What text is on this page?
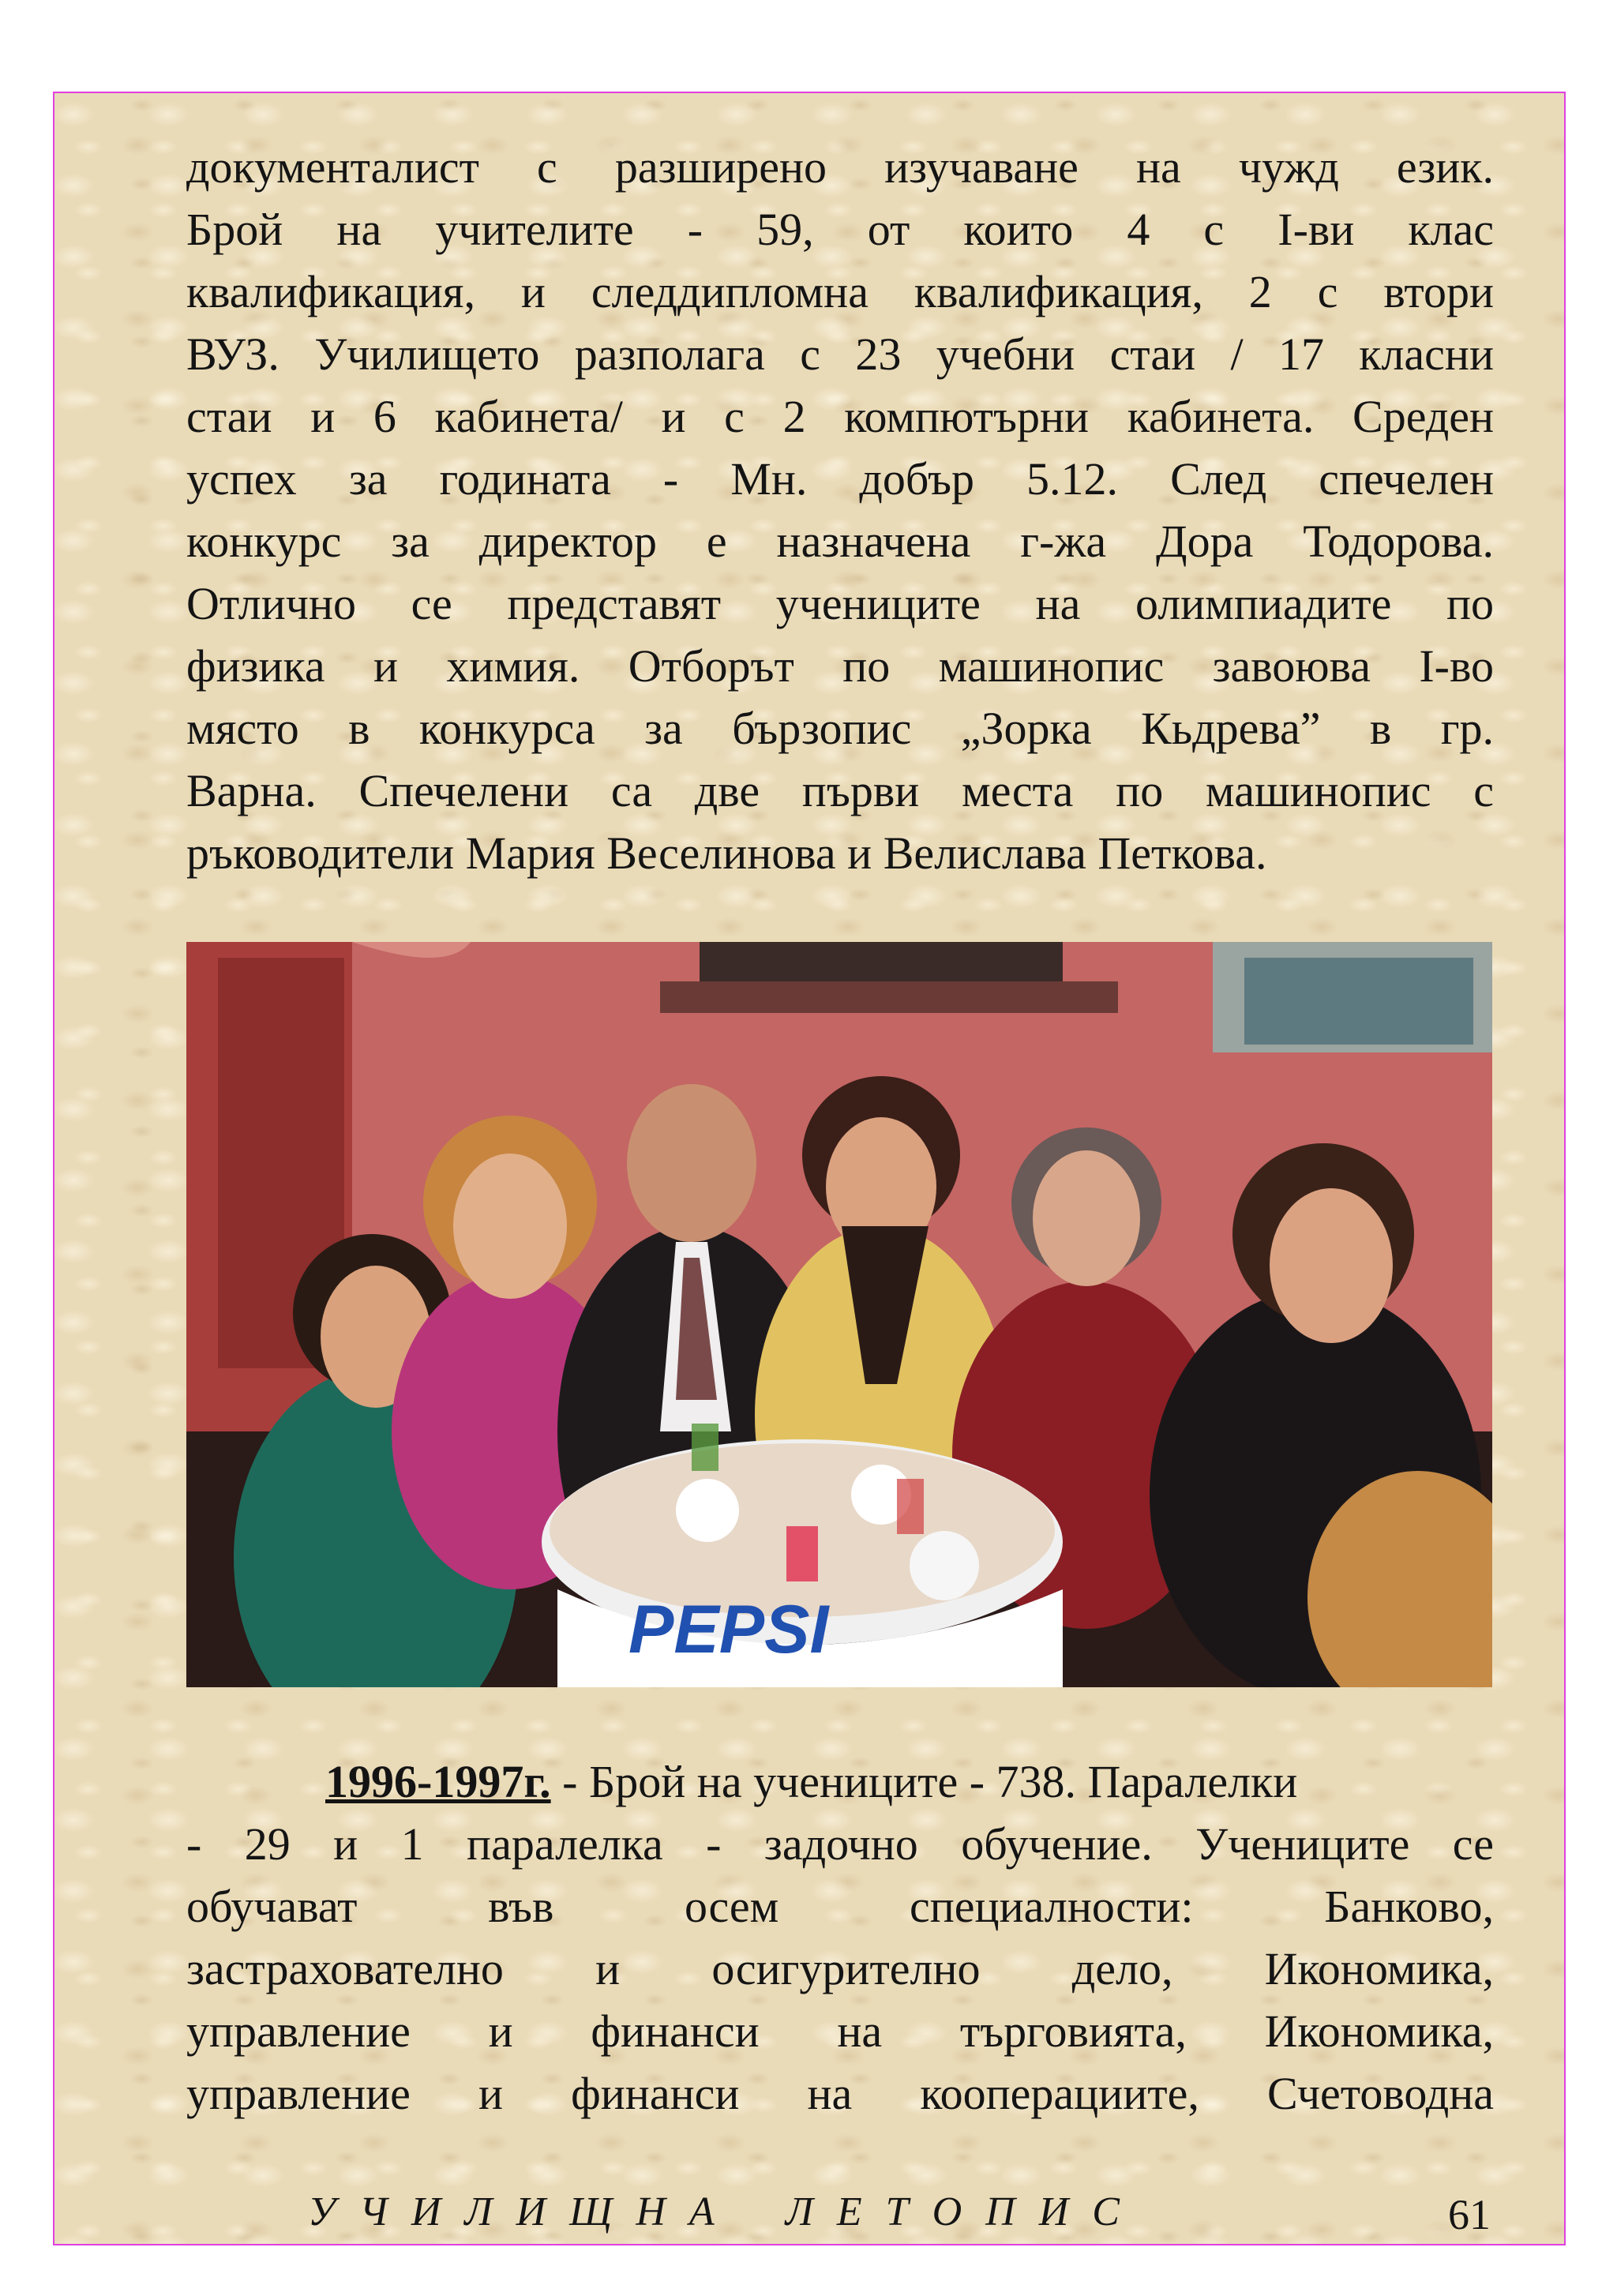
документалист с разширено изучаване на чужд език.
Брой на учителите - 59, от които 4 с I-ви клас
квалификация, и следдипломна квалификация, 2 с втори
ВУЗ. Училището разполага с 23 учебни стаи / 17 класни
стаи и 6 кабинета/ и с 2 компютърни кабинета. Среден
успех за годината - Мн. добър 5.12. След спечелен
конкурс за директор е назначена г-жа Дора Тодорова.
Отлично се представят учениците на олимпиадите по
физика и химия. Отборът по машинопис завоюва I-во
място в конкурса за бързопис „Зорка Кьдрева” в гр.
Варна. Спечелени са две първи места по машинопис с
ръководители Мария Веселинова и Велислава Петкова.
PEPSI
1996-1997г. - Брой на учениците - 738. Паралелки
- 29 и 1 паралелка - задочно обучение. Учениците се
обучават във осем специалности: Банково,
застрахователно и осигурително дело, Икономика,
управление и финанси на търговията, Икономика,
управление и финанси на кооперациите, Счетоводна
УЧИЛИЩНА ЛЕТОПИС	61
